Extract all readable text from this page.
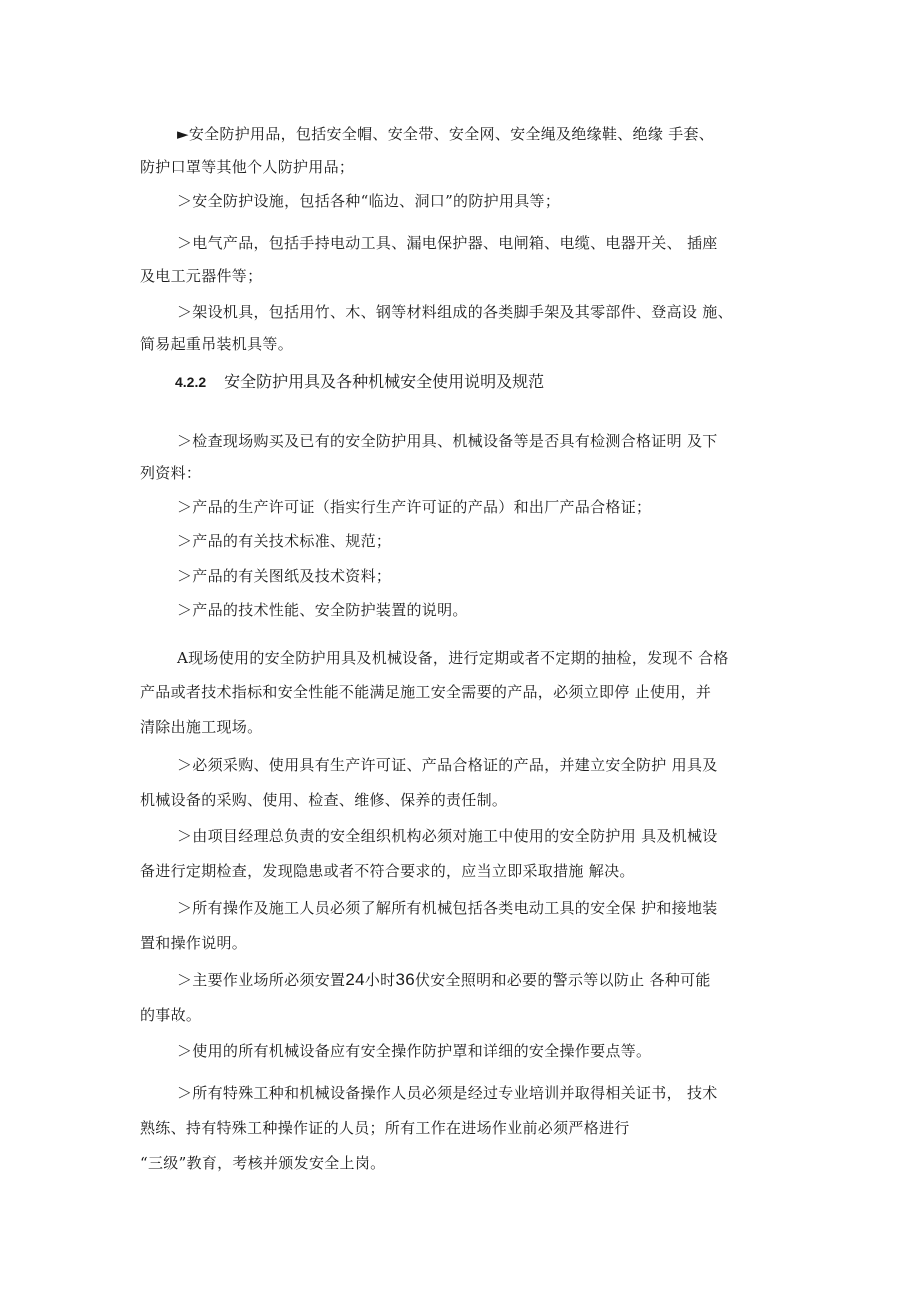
►安全防护用品，包括安全帽、安全带、安全网、安全绳及绝缘鞋、绝缘 手套、
防护口罩等其他个人防护用品；
＞安全防护设施，包括各种“临边、洞口”的防护用具等；
＞电气产品，包括手持电动工具、漏电保护器、电闸箱、电缆、电器开关、 插座
及电工元器件等；
＞架设机具，包括用竹、木、钢等材料组成的各类脚手架及其零部件、登高设 施、
简易起重吊装机具等。
4.2.2 安全防护用具及各种机械安全使用说明及规范
＞检查现场购买及已有的安全防护用具、机械设备等是否具有检测合格证明 及下
列资料：
＞产品的生产许可证（指实行生产许可证的产品）和出厂产品合格证；
＞产品的有关技术标准、规范；
＞产品的有关图纸及技术资料；
＞产品的技术性能、安全防护装置的说明。
A现场使用的安全防护用具及机械设备，进行定期或者不定期的抽检，发现不 合格
产品或者技术指标和安全性能不能满足施工安全需要的产品，必须立即停 止使用，并
清除出施工现场。
＞必须采购、使用具有生产许可证、产品合格证的产品，并建立安全防护 用具及
机械设备的采购、使用、检查、维修、保养的责任制。
＞由项目经理总负责的安全组织机构必须对施工中使用的安全防护用 具及机械设
备进行定期检查，发现隐患或者不符合要求的，应当立即采取措施 解决。
＞所有操作及施工人员必须了解所有机械包括各类电动工具的安全保 护和接地装
置和操作说明。
＞主要作业场所必须安置24小时36伏安全照明和必要的警示等以防止 各种可能
的事故。
＞使用的所有机械设备应有安全操作防护罩和详细的安全操作要点等。
＞所有特殊工种和机械设备操作人员必须是经过专业培训并取得相关证书， 技术
熟练、持有特殊工种操作证的人员；所有工作在进场作业前必须严格进行
“三级”教育，考核并颁发安全上岗。
